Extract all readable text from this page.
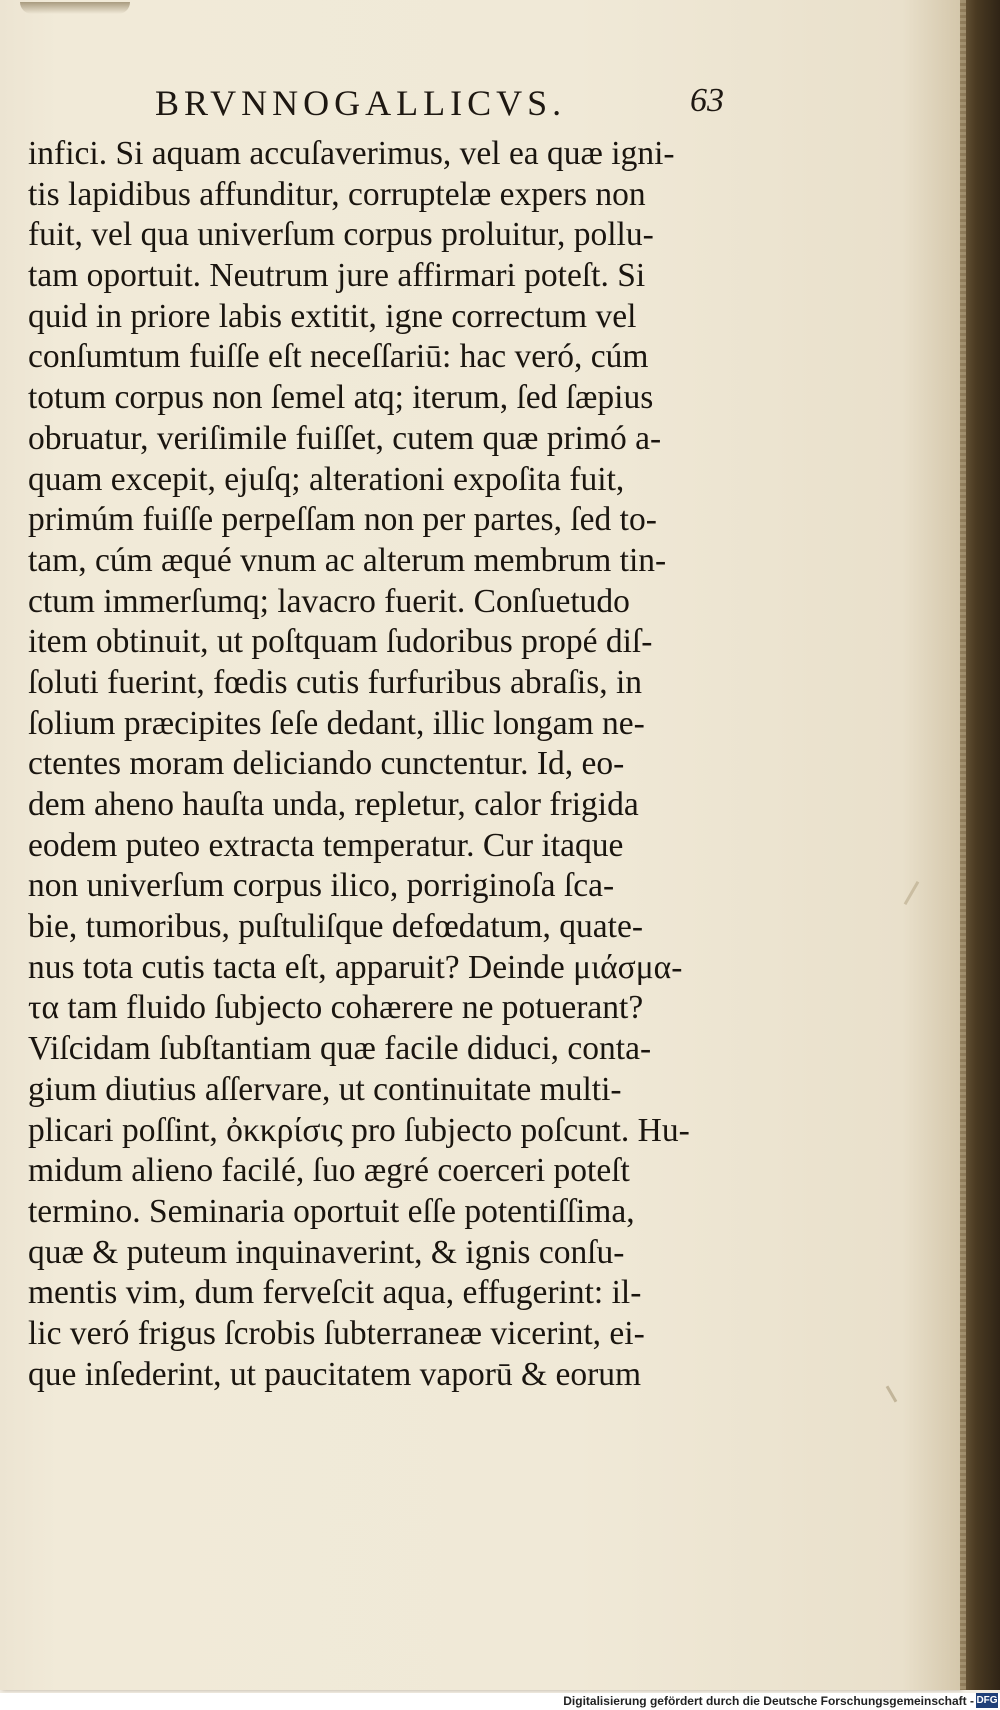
BRVNNOGALLICVS.	63
infici. Si aquam accuſaverimus, vel ea quæ igni-
tis lapidibus affunditur, corruptelæ expers non
fuit, vel qua univerſum corpus proluitur, pollu-
tam oportuit. Neutrum jure affirmari poteſt. Si
quid in priore labis extitit, igne correctum vel
conſumtum fuiſſe eſt neceſſariū: hac veró, cúm
totum corpus non ſemel atq; iterum, ſed ſæpius
obruatur, veriſimile fuiſſet, cutem quæ primó a-
quam excepit, ejuſq; alterationi expoſita fuit,
primúm fuiſſe perpeſſam non per partes, ſed to-
tam, cúm æqué vnum ac alterum membrum tin-
ctum immerſumq; lavacro fuerit. Conſuetudo
item obtinuit, ut poſtquam ſudoribus propé diſ-
ſoluti fuerint, fœdis cutis furfuribus abraſis, in
ſolium præcipites ſeſe dedant, illic longam ne-
ctentes moram deliciando cunctentur. Id, eo-
dem aheno hauſta unda, repletur, calor frigida
eodem puteo extracta temperatur. Cur itaque
non univerſum corpus ilico, porriginoſa ſca-
bie, tumoribus, puſtuliſque defœdatum, quate-
nus tota cutis tacta eſt, apparuit? Deinde μιάσμα-
τα tam fluido ſubjecto cohærere ne potuerant?
Viſcidam ſubſtantiam quæ facile diduci, conta-
gium diutius aſſervare, ut continuitate multi-
plicari poſſint, ὀκκρίσις pro ſubjecto poſcunt. Hu-
midum alieno facilé, ſuo ægré coerceri poteſt
termino. Seminaria oportuit eſſe potentiſſima,
quæ & puteum inquinaverint, & ignis conſu-
mentis vim, dum ferveſcit aqua, effugerint: il-
lic veró frigus ſcrobis ſubterraneæ vicerint, ei-
que inſederint, ut paucitatem vaporū & eorum
Digitalisierung gefördert durch die Deutsche Forschungsgemeinschaft - DFG
